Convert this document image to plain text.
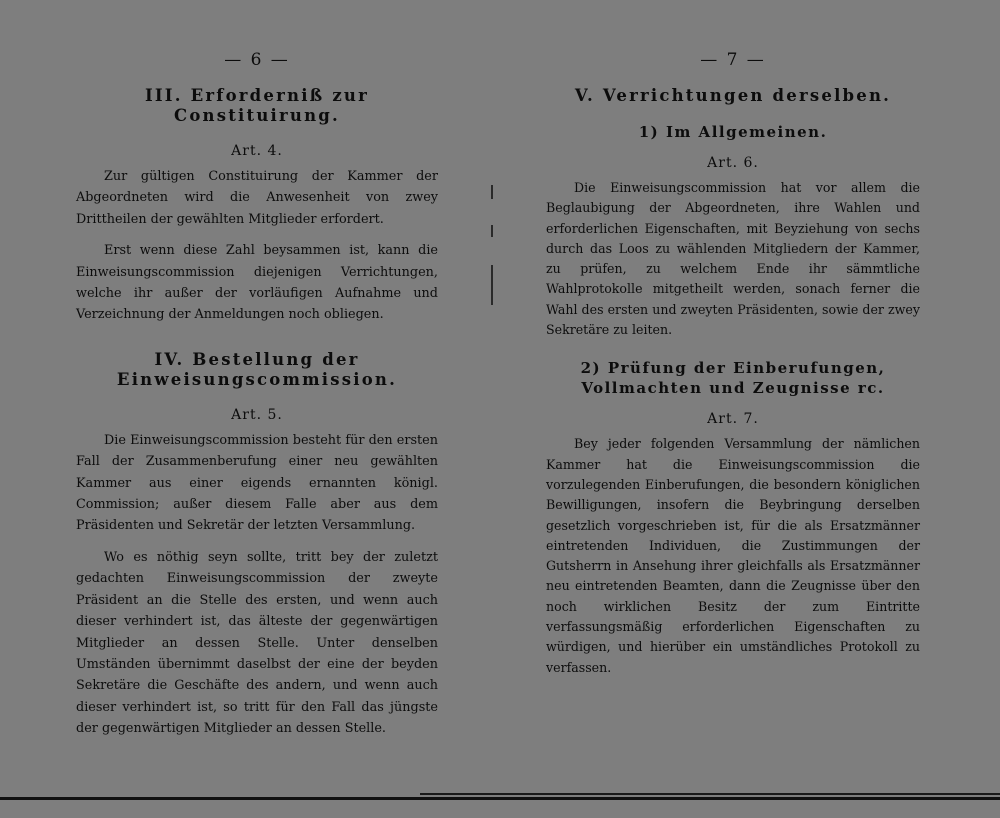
— 6 —
III. Erforderniß zur Constituirung.
Art. 4.

Zur gültigen Constituirung der Kammer der Abgeordneten wird die Anwesenheit von zwey Drittheilen der gewählten Mitglieder erfordert.

Erst wenn diese Zahl beysammen ist, kann die Einweisungscommission diejenigen Verrichtungen, welche ihr außer der vorläufigen Aufnahme und Verzeichnung der Anmeldungen noch obliegen.

IV. Bestellung der Einweisungscommission.
Art. 5.

Die Einweisungscommission besteht für den ersten Fall der Zusammenberufung einer neu gewählten Kammer aus einer eigends ernannten königl. Commission; außer diesem Falle aber aus dem Präsidenten und Sekretär der letzten Versammlung.

Wo es nöthig seyn sollte, tritt bey der zuletzt gedachten Einweisungscommission der zweyte Präsident an die Stelle des ersten, und wenn auch dieser verhindert ist, das älteste der gegenwärtigen Mitglieder an dessen Stelle. Unter denselben Umständen übernimmt daselbst der eine der beyden Sekretäre die Geschäfte des andern, und wenn auch dieser verhindert ist, so tritt für den Fall das jüngste der gegenwärtigen Mitglieder an dessen Stelle.

— 7 —
V. Verrichtungen derselben.
1) Im Allgemeinen.
Art. 6.

Die Einweisungscommission hat vor allem die Beglaubigung der Abgeordneten, ihre Wahlen und erforderlichen Eigenschaften, mit Beyziehung von sechs durch das Loos zu wählenden Mitgliedern der Kammer, zu prüfen, zu welchem Ende ihr sämmtliche Wahlprotokolle mitgetheilt werden, sonach ferner die Wahl des ersten und zweyten Präsidenten, sowie der zwey Sekretäre zu leiten.

2) Prüfung der Einberufungen, Vollmachten und Zeugnisse rc.
Art. 7.

Bey jeder folgenden Versammlung der nämlichen Kammer hat die Einweisungscommission die vorzulegenden Einberufungen, die besondern königlichen Bewilligungen, insofern die Beybringung derselben gesetzlich vorgeschrieben ist, für die als Ersatzmänner eintretenden Individuen, die Zustimmungen der Gutsherrn in Ansehung ihrer gleichfalls als Ersatzmänner neu eintretenden Beamten, dann die Zeugnisse über den noch wirklichen Besitz der zum Eintritte verfassungsmäßig erforderlichen Eigenschaften zu würdigen, und hierüber ein umständliches Protokoll zu verfassen.
